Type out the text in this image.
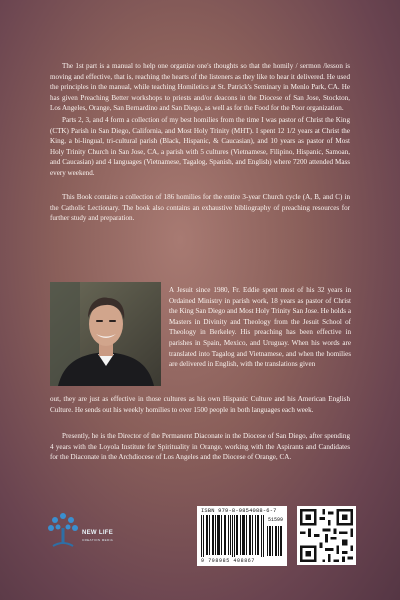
The 1st part is a manual to help one organize one's thoughts so that the homily / sermon /lesson is moving and effective, that is, reaching the hearts of the listeners as they like to hear it delivered. He used the principles in the manual, while teaching Homiletics at St. Patrick's Seminary in Menlo Park, CA. He has given Preaching Better workshops to priests and/or deacons in the Diocese of San Jose, Stockton, Los Angeles, Orange, San Bernardino and San Diego, as well as for the Food for the Poor organization.

Parts 2, 3, and 4 form a collection of my best homilies from the time I was pastor of Christ the King (CTK) Parish in San Diego, California, and Most Holy Trinity (MHT). I spent 12 1/2 years at Christ the King, a bi-lingual, tri-cultural parish (Black, Hispanic, & Caucasian), and 10 years as pastor of Most Holy Trinity Church in San Jose, CA, a parish with 5 cultures (Vietnamese, Filipino, Hispanic, Samoan, and Caucasian) and 4 languages (Vietnamese, Tagalog, Spanish, and English) where 7200 attended Mass every weekend.

This Book contains a collection of 186 homilies for the entire 3-year Church cycle (A, B, and C) in the Catholic Lectionary. The book also contains an exhaustive bibliography of preaching resources for further study and preparation.

A Jesuit since 1980, Fr. Eddie spent most of his 32 years in Ordained Ministry in parish work, 18 years as pastor of Christ the King San Diego and Most Holy Trinity San Jose. He holds a Masters in Divinity and Theology from the Jesuit School of Theology in Berkeley. His preaching has been effective in parishes in Spain, Mexico, and Uruguay. When his words are translated into Tagalog and Vietnamese, and when the homilies are delivered in English, with the translations given

out, they are just as effective in those cultures as his own Hispanic Culture and his American English Culture. He sends out his weekly homilies to over 1500 people in both languages each week.

Presently, he is the Director of the Permanent Diaconate in the Diocese of San Diego, after spending 4 years with the Loyola Institute for Spirituality in Orange, working with the Aspirants and Candidates for the Diaconate in the Archdiocese of Los Angeles and the Diocese of Orange, CA.

NEW LIFE
CREATION MEDIA
ISBN 979-8-9854088-6-7
51599
9 798985 408867
